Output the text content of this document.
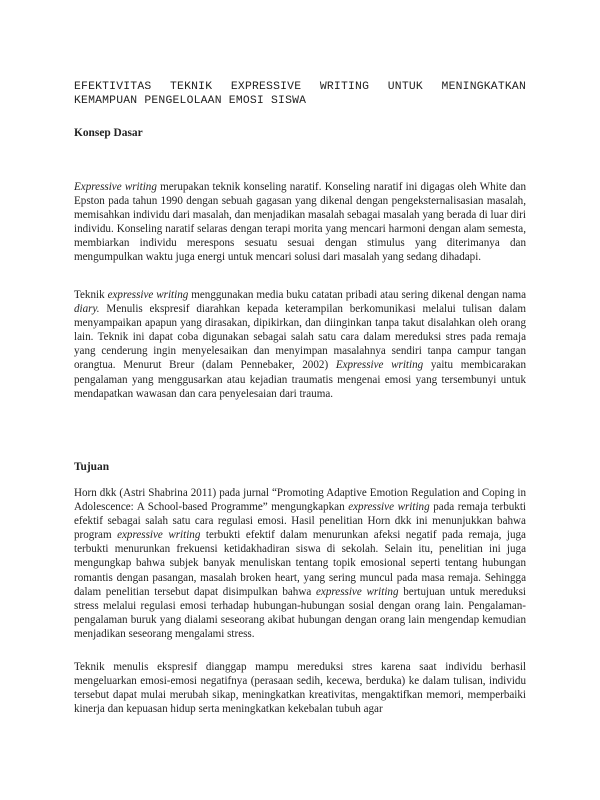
EFEKTIVITAS TEKNIK EXPRESSIVE WRITING UNTUK MENINGKATKAN KEMAMPUAN PENGELOLAAN EMOSI SISWA
Konsep Dasar

Expressive writing merupakan teknik konseling naratif. Konseling naratif ini digagas oleh White dan Epston pada tahun 1990 dengan sebuah gagasan yang dikenal dengan pengeksternalisasian masalah, memisahkan individu dari masalah, dan menjadikan masalah sebagai masalah yang berada di luar diri individu. Konseling naratif selaras dengan terapi morita yang mencari harmoni dengan alam semesta, membiarkan individu merespons sesuatu sesuai dengan stimulus yang diterimanya dan mengumpulkan waktu juga energi untuk mencari solusi dari masalah yang sedang dihadapi.

Teknik expressive writing menggunakan media buku catatan pribadi atau sering dikenal dengan nama diary. Menulis ekspresif diarahkan kepada keterampilan berkomunikasi melalui tulisan dalam menyampaikan apapun yang dirasakan, dipikirkan, dan diinginkan tanpa takut disalahkan oleh orang lain. Teknik ini dapat coba digunakan sebagai salah satu cara dalam mereduksi stres pada remaja yang cenderung ingin menyelesaikan dan menyimpan masalahnya sendiri tanpa campur tangan orangtua. Menurut Breur (dalam Pennebaker, 2002) Expressive writing yaitu membicarakan pengalaman yang menggusarkan atau kejadian traumatis mengenai emosi yang tersembunyi untuk mendapatkan wawasan dan cara penyelesaian dari trauma.

Tujuan

Horn dkk (Astri Shabrina 2011) pada jurnal “Promoting Adaptive Emotion Regulation and Coping in Adolescence: A School-based Programme” mengungkapkan expressive writing pada remaja terbukti efektif sebagai salah satu cara regulasi emosi. Hasil penelitian Horn dkk ini menunjukkan bahwa program expressive writing terbukti efektif dalam menurunkan afeksi negatif pada remaja, juga terbukti menurunkan frekuensi ketidakhadiran siswa di sekolah. Selain itu, penelitian ini juga mengungkap bahwa subjek banyak menuliskan tentang topik emosional seperti tentang hubungan romantis dengan pasangan, masalah broken heart, yang sering muncul pada masa remaja. Sehingga dalam penelitian tersebut dapat disimpulkan bahwa expressive writing bertujuan untuk mereduksi stress melalui regulasi emosi terhadap hubungan-hubungan sosial dengan orang lain. Pengalaman-pengalaman buruk yang dialami seseorang akibat hubungan dengan orang lain mengendap kemudian menjadikan seseorang mengalami stress.

Teknik menulis ekspresif dianggap mampu mereduksi stres karena saat individu berhasil mengeluarkan emosi-emosi negatifnya (perasaan sedih, kecewa, berduka) ke dalam tulisan, individu tersebut dapat mulai merubah sikap, meningkatkan kreativitas, mengaktifkan memori, memperbaiki kinerja dan kepuasan hidup serta meningkatkan kekebalan tubuh agar
